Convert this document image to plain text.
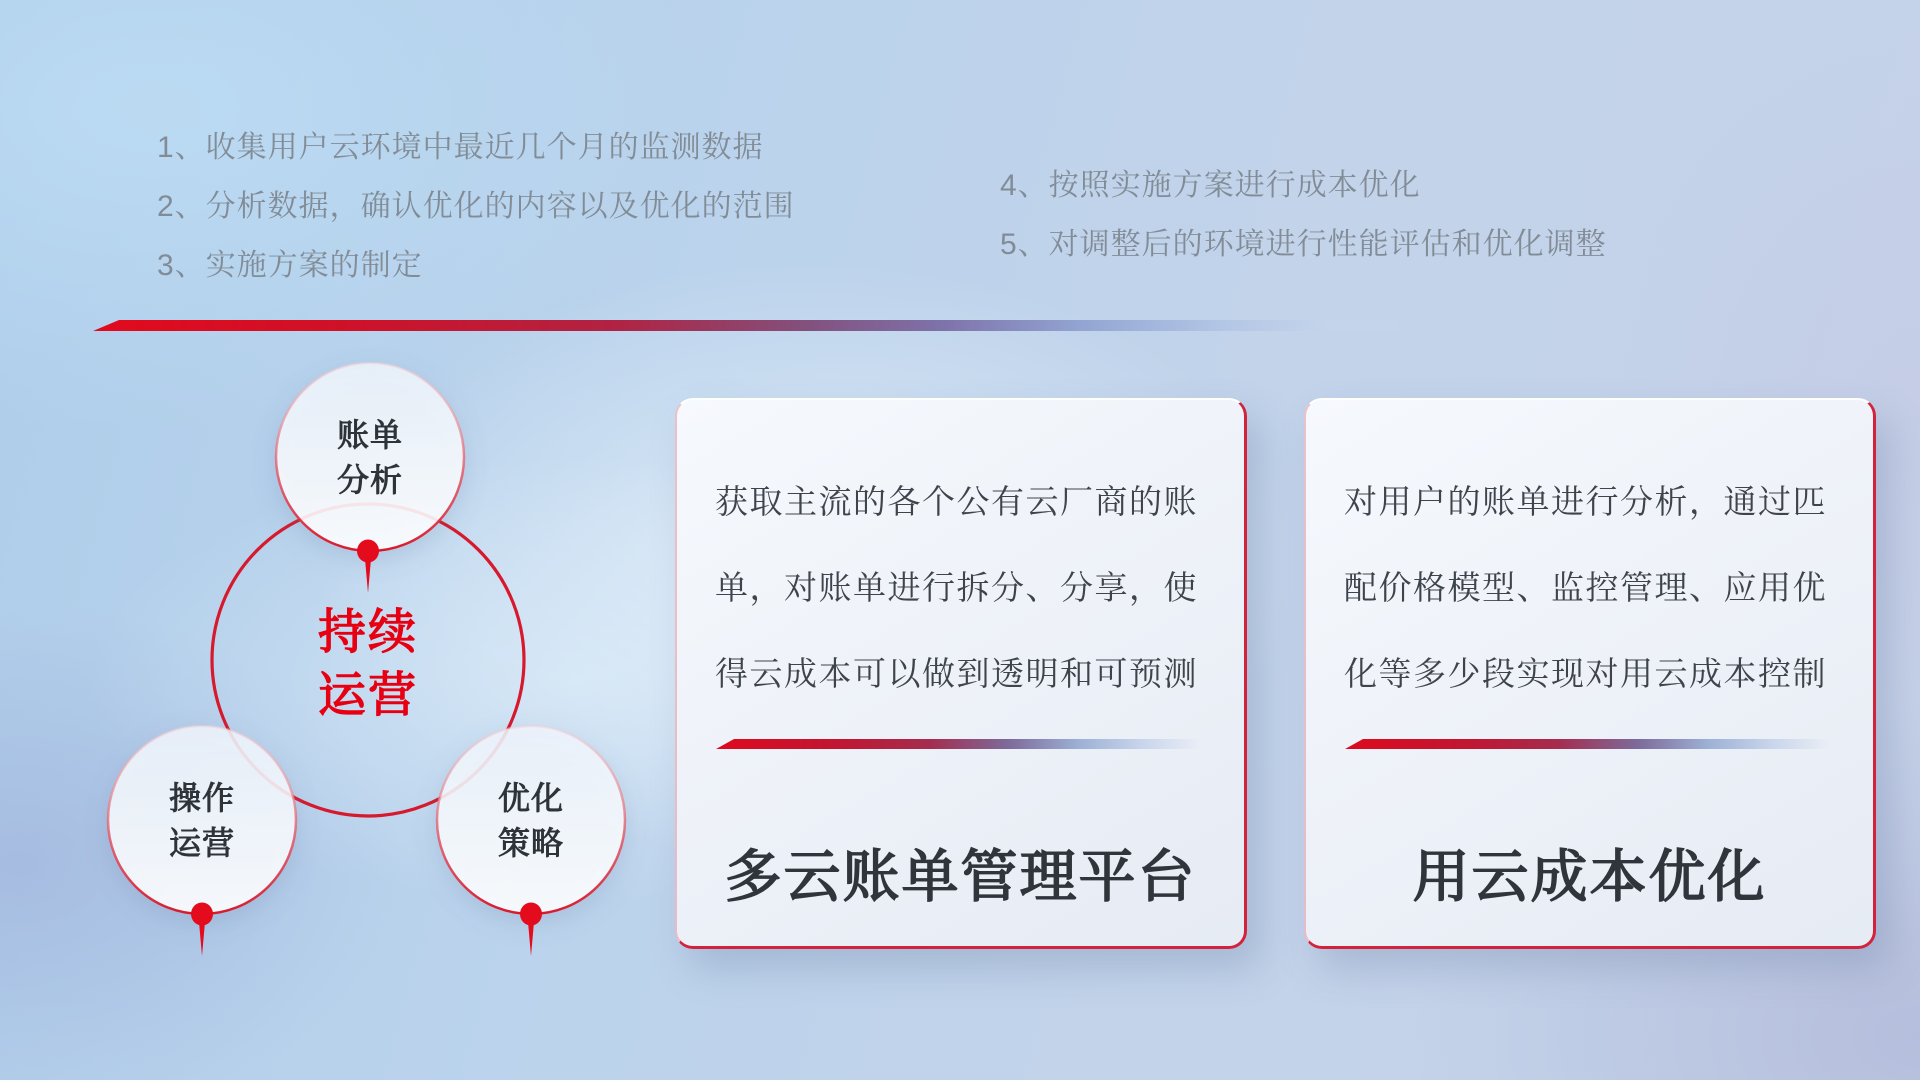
1、收集用户云环境中最近几个月的监测数据

2、分析数据，确认优化的内容以及优化的范围

3、实施方案的制定

4、按照实施方案进行成本优化

5、对调整后的环境进行性能评估和优化调整

账单
分析
操作
运营
优化
策略
持续
运营
获取主流的各个公有云厂商的账
单，对账单进行拆分、分享，使
得云成本可以做到透明和可预测
多云账单管理平台
对用户的账单进行分析，通过匹
配价格模型、监控管理、应用优
化等多少段实现对用云成本控制
用云成本优化
